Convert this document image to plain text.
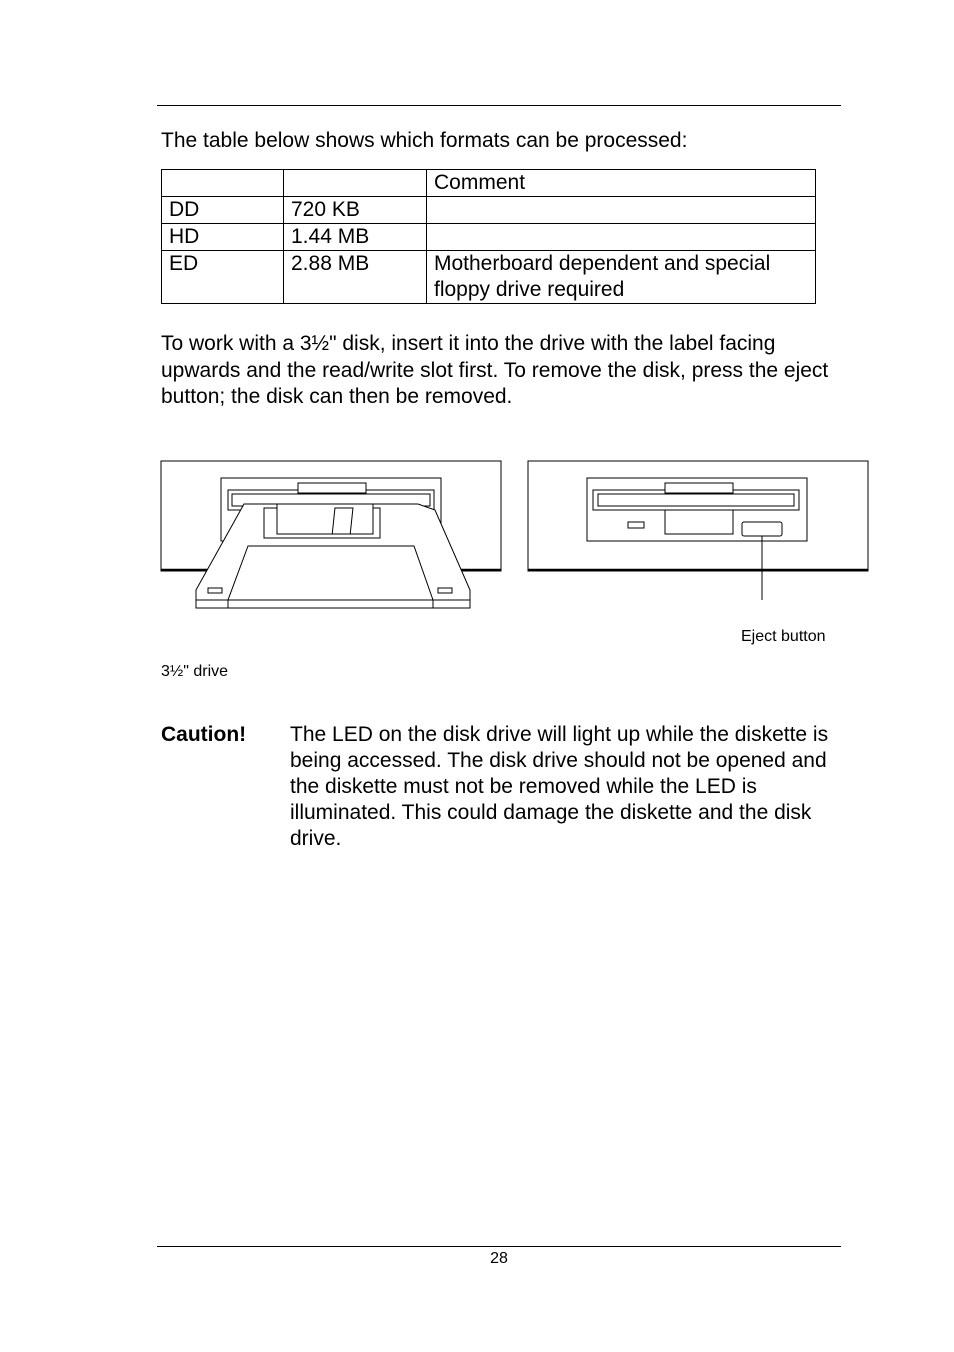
The table below shows which formats can be processed:

		Comment
DD	720 KB	
HD	1.44 MB	
ED	2.88 MB	Motherboard dependent and special floppy drive required

To work with a 3½" disk, insert it into the drive with the label facing upwards and the read/write slot first. To remove the disk, press the eject button; the disk can then be removed.

Eject button
3½" drive
Caution! The LED on the disk drive will light up while the diskette is being accessed. The disk drive should not be opened and the diskette must not be removed while the LED is illuminated. This could damage the diskette and the disk drive.

28
